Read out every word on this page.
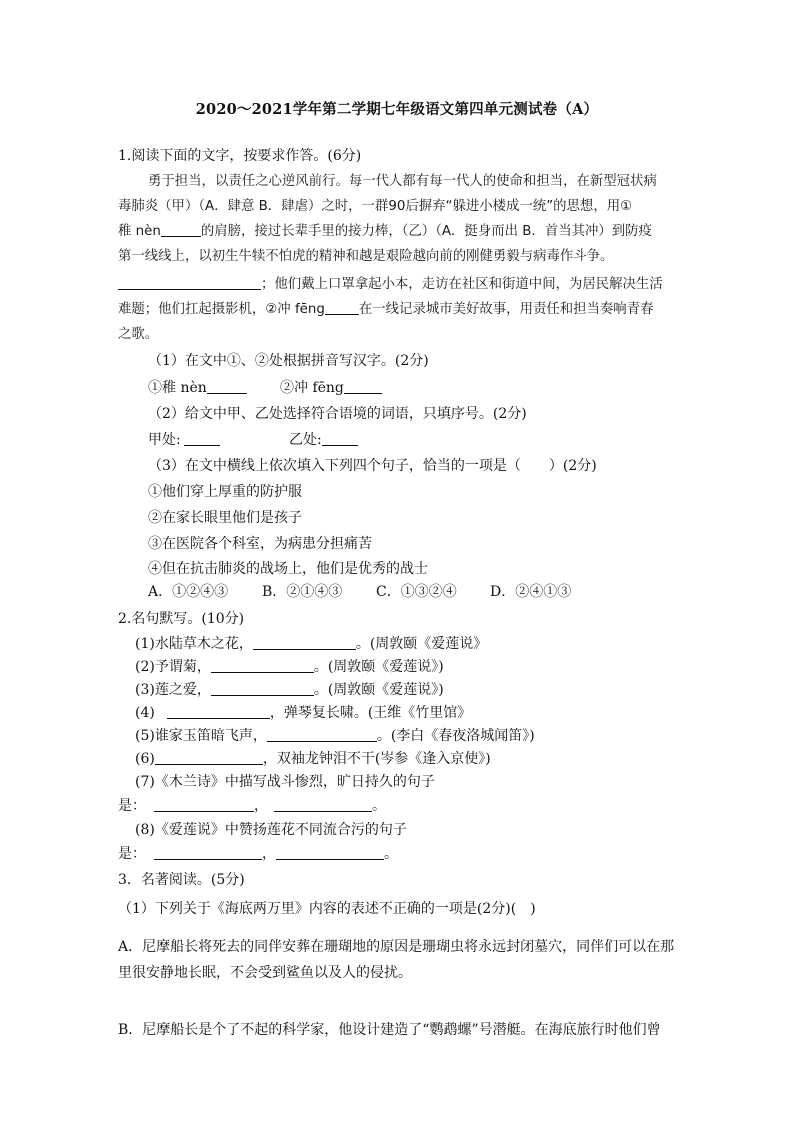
2020～2021学年第二学期七年级语文第四单元测试卷（A）
1.阅读下面的文字，按要求作答。(6分)
勇于担当，以责任之心逆风前行。每一代人都有每一代人的使命和担当，在新型冠状病
毒肺炎（甲）（A．肆意 B．肆虐）之时，一群90后摒弃“躲进小楼成一统”的思想，用①
稚 nèn	的肩膀，接过长辈手里的接力棒，（乙）（A．挺身而出 B．首当其冲）到防疫
第一线线上，以初生牛犊不怕虎的精神和越是艰险越向前的刚健勇毅与病毒作斗争。
；他们戴上口罩拿起小本，走访在社区和街道中间，为居民解决生活
难题；他们扛起摄影机，②冲 fēng	在一线记录城市美好故事，用责任和担当奏响青春
之歌。
（1）在文中①、②处根据拼音写汉字。(2分)
①稚 nèn	②冲 fēng
（2）给文中甲、乙处选择符合语境的词语，只填序号。(2分)
甲处:	乙处:
（3）在文中横线上依次填入下列四个句子，恰当的一项是（　　）(2分)
①他们穿上厚重的防护服
②在家长眼里他们是孩子
③在医院各个科室，为病患分担痛苦
④但在抗击肺炎的战场上，他们是优秀的战士
A．①②④③ B．②①④③ C．①③②④ D．②④①③
2.名句默写。(10分)
(1)水陆草木之花，	。(周敦颐《爱莲说》
(2)予谓菊，	。(周敦颐《爱莲说》)
(3)莲之爱，	。(周敦颐《爱莲说》)
(4)	，弹琴复长啸。(王维《竹里馆》
(5)谁家玉笛暗飞声，	。(李白《春夜洛城闻笛》)
(6)	，双袖龙钟泪不干(岑参《逢入京使》)
(7)《木兰诗》中描写战斗惨烈，旷日持久的句子
是：	，	。
(8)《爱莲说》中赞扬莲花不同流合污的句子
是：	，	。
3．名著阅读。(5分)
（1）下列关于《海底两万里》内容的表述不正确的一项是(2分)(　)
A．尼摩船长将死去的同伴安葬在珊瑚地的原因是珊瑚虫将永远封闭墓穴，同伴们可以在那
里很安静地长眠，不会受到鲨鱼以及人的侵扰。
B．尼摩船长是个了不起的科学家，他设计建造了“鹦鹉螺”号潜艇。在海底旅行时他们曾
